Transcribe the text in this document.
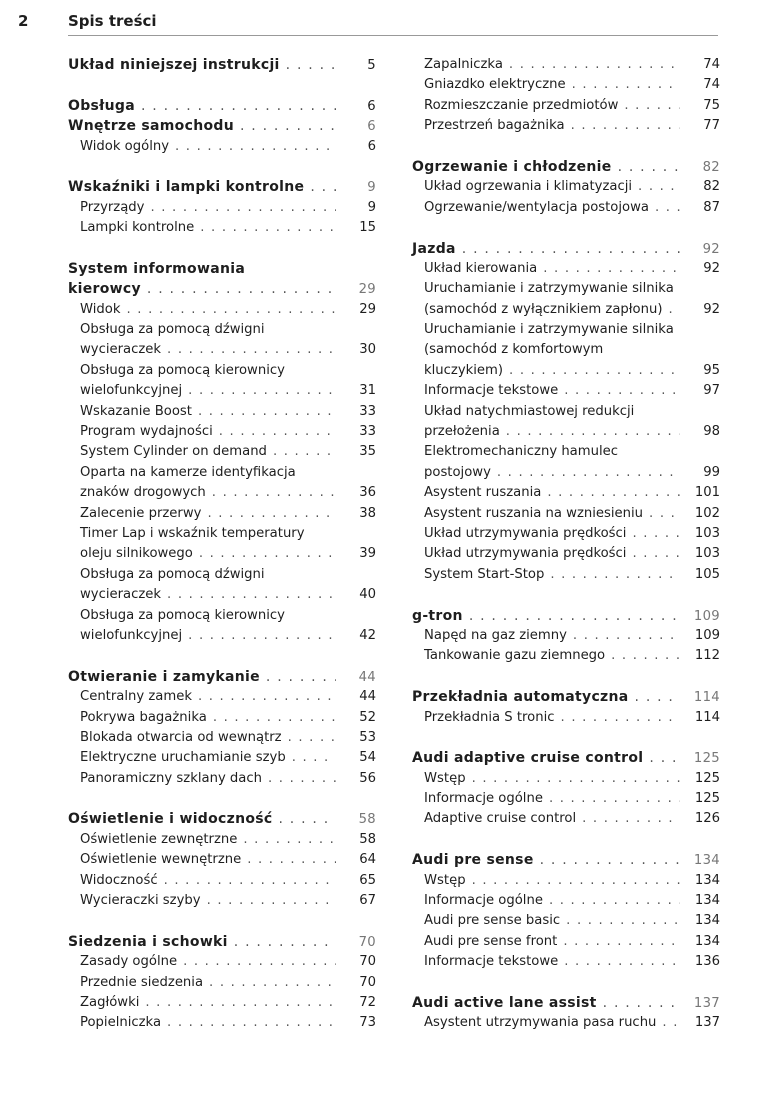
2	Spis treści
Układ niniejszej instrukcji . . .	5
Obsługa . . .	6
Wnętrze samochodu . . .	6
Widok ogólny . . .	6
Wskaźniki i lampki kontrolne . . .	9
Przyrządy . . .	9
Lampki kontrolne . . .	15
System informowania
kierowcy . . .	29
Widok . . .	29
Obsługa za pomocą dźwigni
wycieraczek . . .	30
Obsługa za pomocą kierownicy
wielofunkcyjnej . . .	31
Wskazanie Boost . . .	33
Program wydajności . . .	33
System Cylinder on demand . . .	35
Oparta na kamerze identyfikacja
znaków drogowych . . .	36
Zalecenie przerwy . . .	38
Timer Lap i wskaźnik temperatury
oleju silnikowego . . .	39
Obsługa za pomocą dźwigni
wycieraczek . . .	40
Obsługa za pomocą kierownicy
wielofunkcyjnej . . .	42
Otwieranie i zamykanie . . .	44
Centralny zamek . . .	44
Pokrywa bagażnika . . .	52
Blokada otwarcia od wewnątrz . . .	53
Elektryczne uruchamianie szyb . . .	54
Panoramiczny szklany dach . . .	56
Oświetlenie i widoczność . . .	58
Oświetlenie zewnętrzne . . .	58
Oświetlenie wewnętrzne . . .	64
Widoczność . . .	65
Wycieraczki szyby . . .	67
Siedzenia i schowki . . .	70
Zasady ogólne . . .	70
Przednie siedzenia . . .	70
Zagłówki . . .	72
Popielniczka . . .	73
Zapalniczka . . .	74
Gniazdko elektryczne . . .	74
Rozmieszczanie przedmiotów . . .	75
Przestrzeń bagażnika . . .	77
Ogrzewanie i chłodzenie . . .	82
Układ ogrzewania i klimatyzacji . . .	82
Ogrzewanie/wentylacja postojowa . . .	87
Jazda . . .	92
Układ kierowania . . .	92
Uruchamianie i zatrzymywanie silnika
(samochód z wyłącznikiem zapłonu) . . .	92
Uruchamianie i zatrzymywanie silnika
(samochód z komfortowym
kluczykiem) . . .	95
Informacje tekstowe . . .	97
Układ natychmiastowej redukcji
przełożenia . . .	98
Elektromechaniczny hamulec
postojowy . . .	99
Asystent ruszania . . .	101
Asystent ruszania na wzniesieniu . . .	102
Układ utrzymywania prędkości . . .	103
Układ utrzymywania prędkości . . .	103
System Start-Stop . . .	105
g-tron . . .	109
Napęd na gaz ziemny . . .	109
Tankowanie gazu ziemnego . . .	112
Przekładnia automatyczna . . .	114
Przekładnia S tronic . . .	114
Audi adaptive cruise control . . .	125
Wstęp . . .	125
Informacje ogólne . . .	125
Adaptive cruise control . . .	126
Audi pre sense . . .	134
Wstęp . . .	134
Informacje ogólne . . .	134
Audi pre sense basic . . .	134
Audi pre sense front . . .	134
Informacje tekstowe . . .	136
Audi active lane assist . . .	137
Asystent utrzymywania pasa ruchu . . .	137
